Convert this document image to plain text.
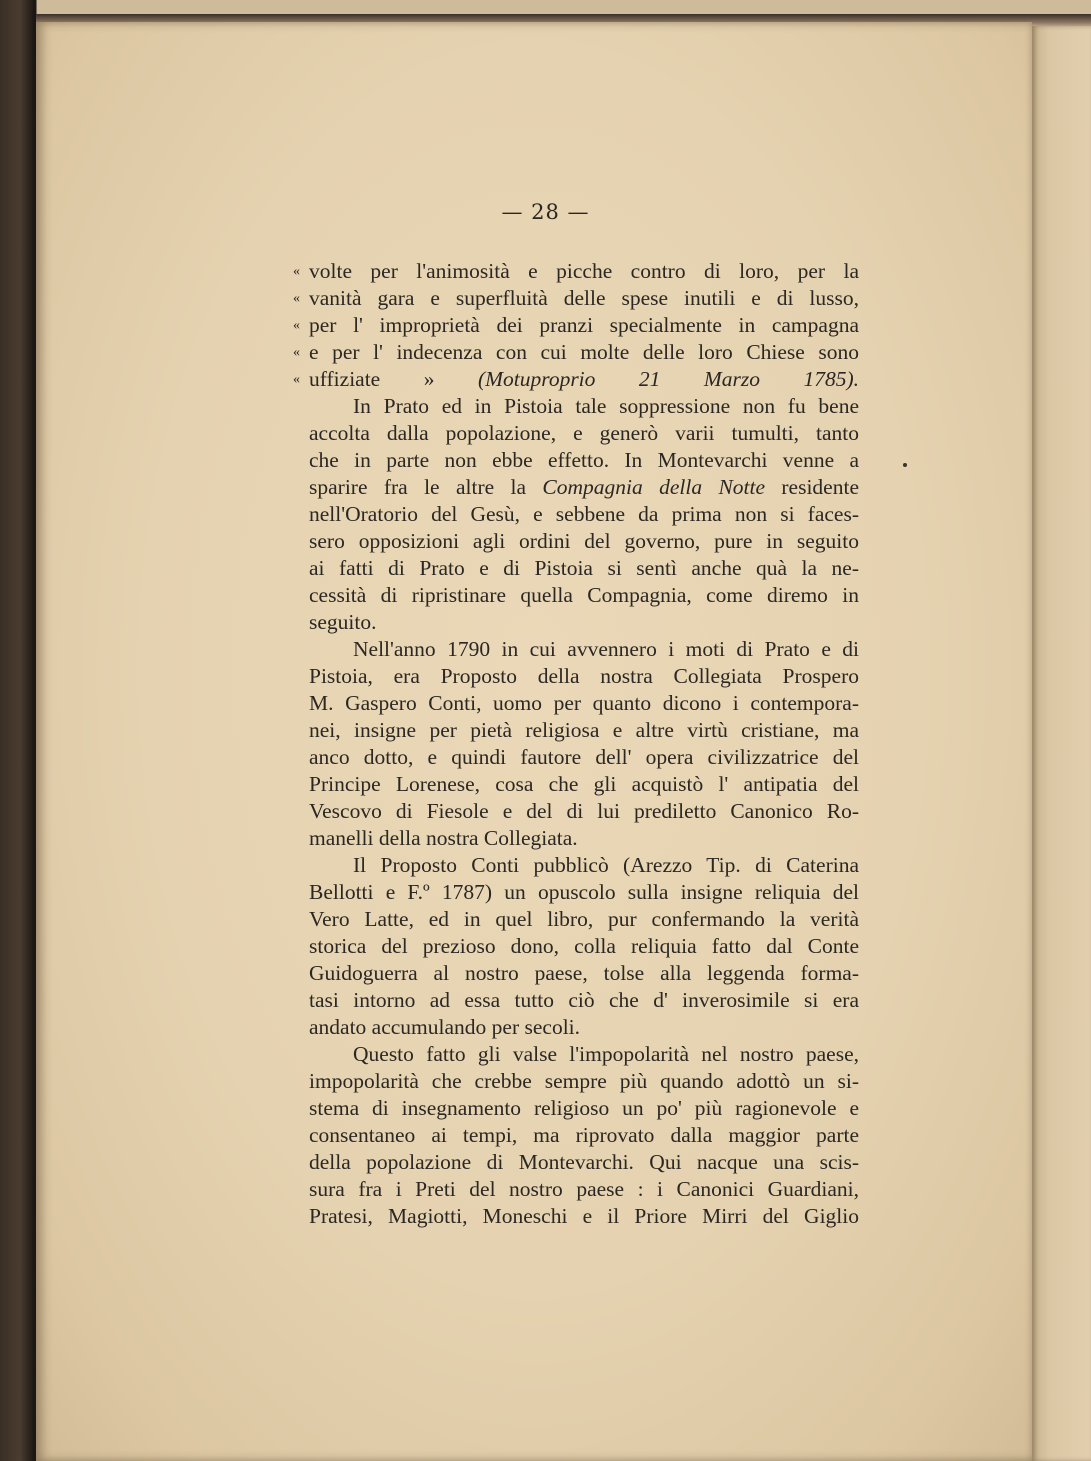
— 28 —
« volte per l'animosità e picche contro di loro, per la
« vanità gara e superfluità delle spese inutili e di lusso,
« per l' improprietà dei pranzi specialmente in campagna
« e per l' indecenza con cui molte delle loro Chiese sono
« uffiziate » (Motuproprio 21 Marzo 1785).
In Prato ed in Pistoia tale soppressione non fu bene
accolta dalla popolazione, e generò varii tumulti, tanto
che in parte non ebbe effetto. In Montevarchi venne a
sparire fra le altre la Compagnia della Notte residente
nell'Oratorio del Gesù, e sebbene da prima non si faces-
sero opposizioni agli ordini del governo, pure in seguito
ai fatti di Prato e di Pistoia si sentì anche quà la ne-
cessità di ripristinare quella Compagnia, come diremo in
seguito.
Nell'anno 1790 in cui avvennero i moti di Prato e di
Pistoia, era Proposto della nostra Collegiata Prospero
M. Gaspero Conti, uomo per quanto dicono i contempora-
nei, insigne per pietà religiosa e altre virtù cristiane, ma
anco dotto, e quindi fautore dell' opera civilizzatrice del
Principe Lorenese, cosa che gli acquistò l' antipatia del
Vescovo di Fiesole e del di lui prediletto Canonico Ro-
manelli della nostra Collegiata.
Il Proposto Conti pubblicò (Arezzo Tip. di Caterina
Bellotti e F.º 1787) un opuscolo sulla insigne reliquia del
Vero Latte, ed in quel libro, pur confermando la verità
storica del prezioso dono, colla reliquia fatto dal Conte
Guidoguerra al nostro paese, tolse alla leggenda forma-
tasi intorno ad essa tutto ciò che d' inverosimile si era
andato accumulando per secoli.
Questo fatto gli valse l'impopolarità nel nostro paese,
impopolarità che crebbe sempre più quando adottò un si-
stema di insegnamento religioso un po' più ragionevole e
consentaneo ai tempi, ma riprovato dalla maggior parte
della popolazione di Montevarchi. Qui nacque una scis-
sura fra i Preti del nostro paese : i Canonici Guardiani,
Pratesi, Magiotti, Moneschi e il Priore Mirri del Giglio
